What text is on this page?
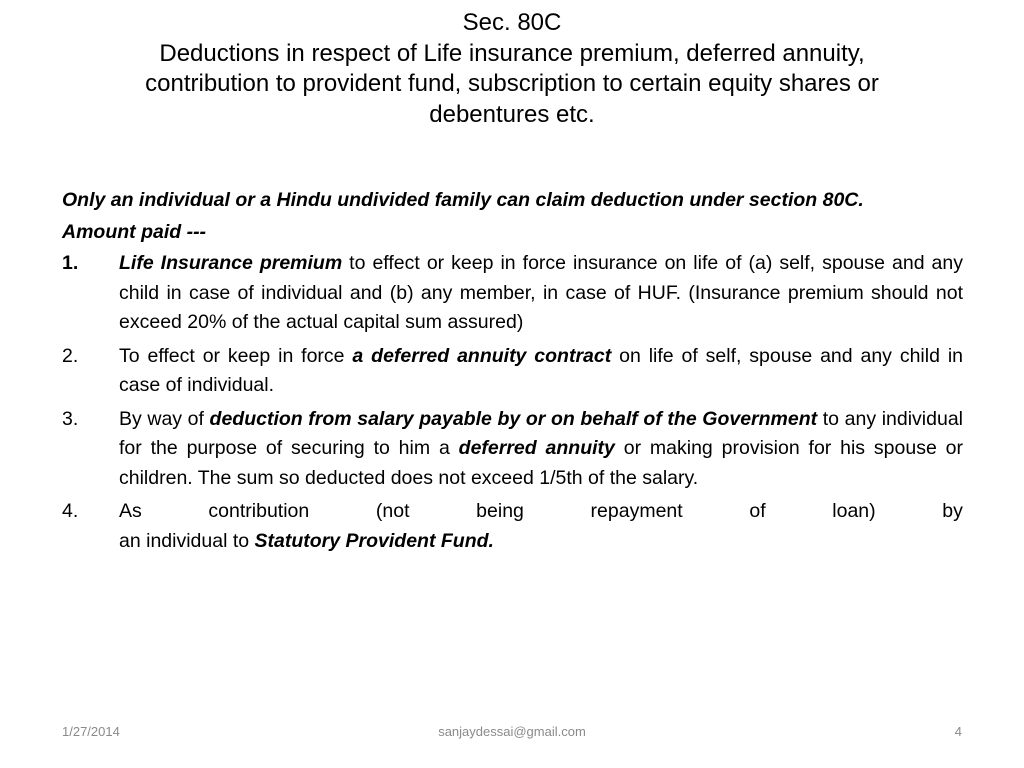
Sec. 80C
Deductions in respect of Life insurance premium, deferred annuity,
contribution to provident fund, subscription to certain equity shares or
debentures etc.
Only an individual or a Hindu undivided family can claim deduction under section 80C.
Amount paid ---
1.	Life Insurance premium to effect or keep in force insurance on life of (a) self, spouse and any child in case of individual and (b) any member, in case of HUF. (Insurance premium should not exceed 20% of the actual capital sum assured)
2.	To effect or keep in force a deferred annuity contract on life of self, spouse and any child in case of individual.
3.	By way of deduction from salary payable by or on behalf of the Government to any individual for the purpose of securing to him a deferred annuity or making provision for his spouse or children. The sum so deducted does not exceed 1/5th of the salary.
4.	As	contribution	(not	being	repayment	of	loan)	by
an individual to Statutory Provident Fund.
1/27/2014	sanjaydessai@gmail.com	4
